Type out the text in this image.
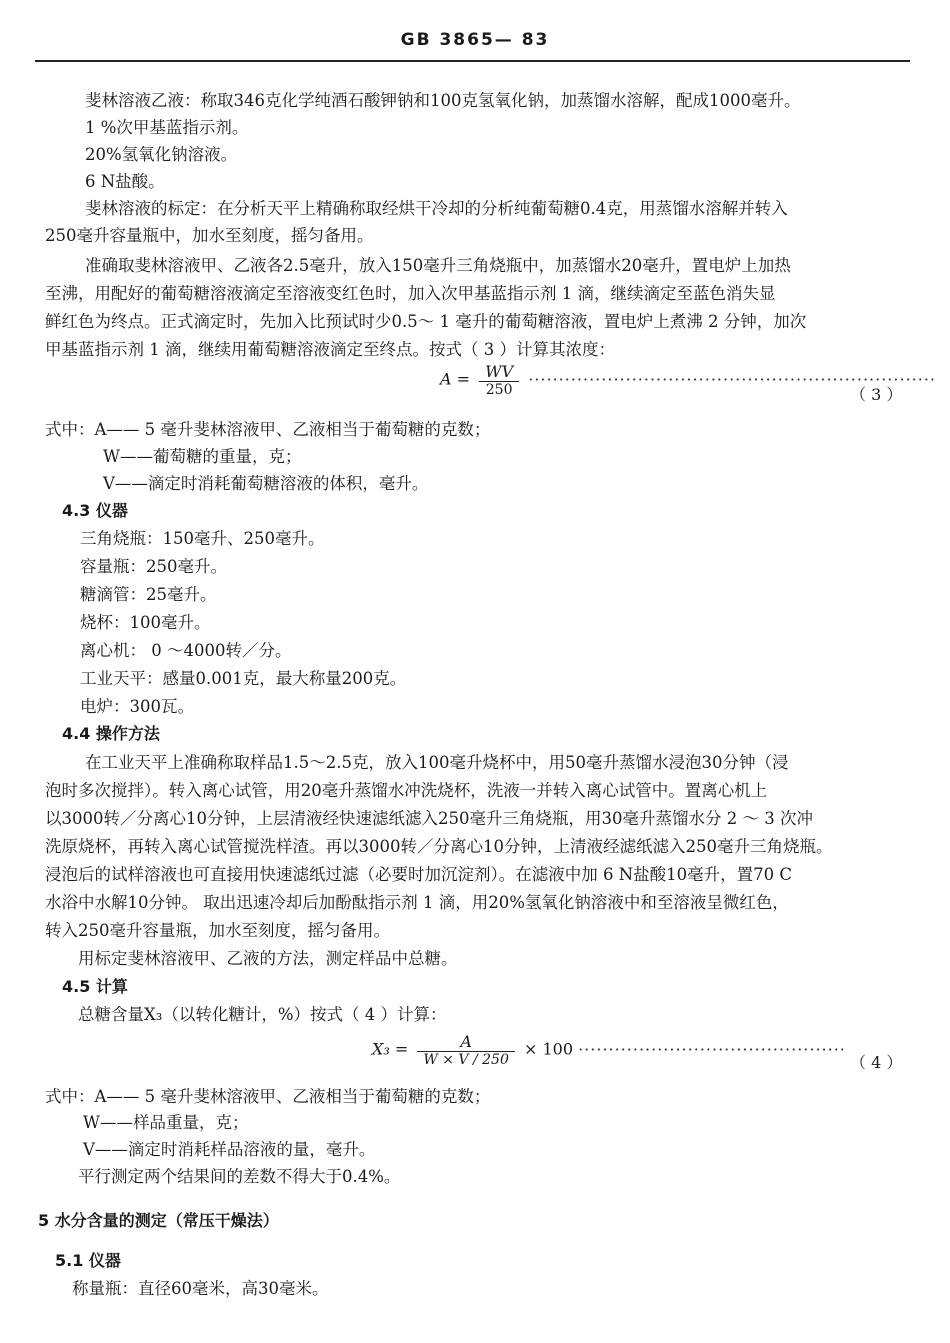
GB 3865— 83
斐林溶液乙液：称取346克化学纯酒石酸钾钠和100克氢氧化钠，加蒸馏水溶解，配成1000毫升。
1 %次甲基蓝指示剂。
20%氢氧化钠溶液。
6 N盐酸。
斐林溶液的标定：在分析天平上精确称取经烘干冷却的分析纯葡萄糖0.4克，用蒸馏水溶解并转入
250毫升容量瓶中，加水至刻度，摇匀备用。
准确取斐林溶液甲、乙液各2.5毫升，放入150毫升三角烧瓶中，加蒸馏水20毫升，置电炉上加热
至沸，用配好的葡萄糖溶液滴定至溶液变红色时，加入次甲基蓝指示剂 1 滴，继续滴定至蓝色消失显
鲜红色为终点。正式滴定时，先加入比预试时少0.5～ 1 毫升的葡萄糖溶液，置电炉上煮沸 2 分钟，加次
甲基蓝指示剂 1 滴，继续用葡萄糖溶液滴定至终点。按式（ 3 ）计算其浓度：
$A = \frac{WV}{250}$ ···································································
（ 3 ）
式中：A—— 5 毫升斐林溶液甲、乙液相当于葡萄糖的克数；
W——葡萄糖的重量，克；
V——滴定时消耗葡萄糖溶液的体积，毫升。
4.3 仪器
三角烧瓶：150毫升、250毫升。
容量瓶：250毫升。
糖滴管：25毫升。
烧杯：100毫升。
离心机： 0 ～4000转／分。
工业天平：感量0.001克，最大称量200克。
电炉：300瓦。
4.4 操作方法
在工业天平上准确称取样品1.5～2.5克，放入100毫升烧杯中，用50毫升蒸馏水浸泡30分钟（浸
泡时多次搅拌）。转入离心试管，用20毫升蒸馏水冲洗烧杯，洗液一并转入离心试管中。置离心机上
以3000转／分离心10分钟，上层清液经快速滤纸滤入250毫升三角烧瓶，用30毫升蒸馏水分 2 ～ 3 次冲
洗原烧杯，再转入离心试管搅洗样渣。再以3000转／分离心10分钟，上清液经滤纸滤入250毫升三角烧瓶。
浸泡后的试样溶液也可直接用快速滤纸过滤（必要时加沉淀剂）。在滤液中加 6 N盐酸10毫升，置70 C
水浴中水解10分钟。 取出迅速冷却后加酚酞指示剂 1 滴，用20%氢氧化钠溶液中和至溶液呈微红色，
转入250毫升容量瓶，加水至刻度，摇匀备用。
用标定斐林溶液甲、乙液的方法，测定样品中总糖。
4.5 计算
总糖含量X₃（以转化糖计，%）按式（ 4 ）计算：
$X_3 = \frac{A}{W \times V / 250} \times 100$ ············································
（ 4 ）
式中：A—— 5 毫升斐林溶液甲、乙液相当于葡萄糖的克数；
W——样品重量，克；
V——滴定时消耗样品溶液的量，毫升。
平行测定两个结果间的差数不得大于0.4%。
5 水分含量的测定（常压干燥法）
5.1 仪器
称量瓶：直径60毫米，高30毫米。
